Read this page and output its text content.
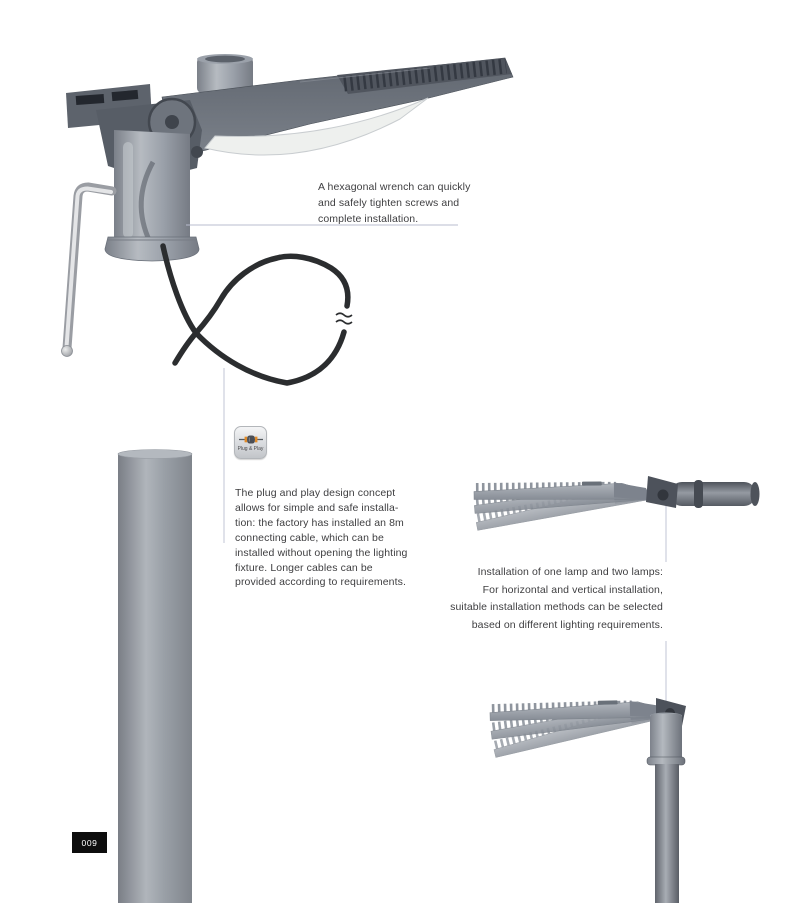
A hexagonal wrench can quickly
and safely tighten screws and
complete installation.
Plug & Play
The plug and play design concept
allows for simple and safe installa-
tion: the factory has installed an 8m
connecting cable, which can be
installed without opening the lighting
fixture. Longer cables can be
provided according to requirements.
Installation of one lamp and two lamps:
For horizontal and vertical installation,
suitable installation methods can be selected
based on different lighting requirements.
009
